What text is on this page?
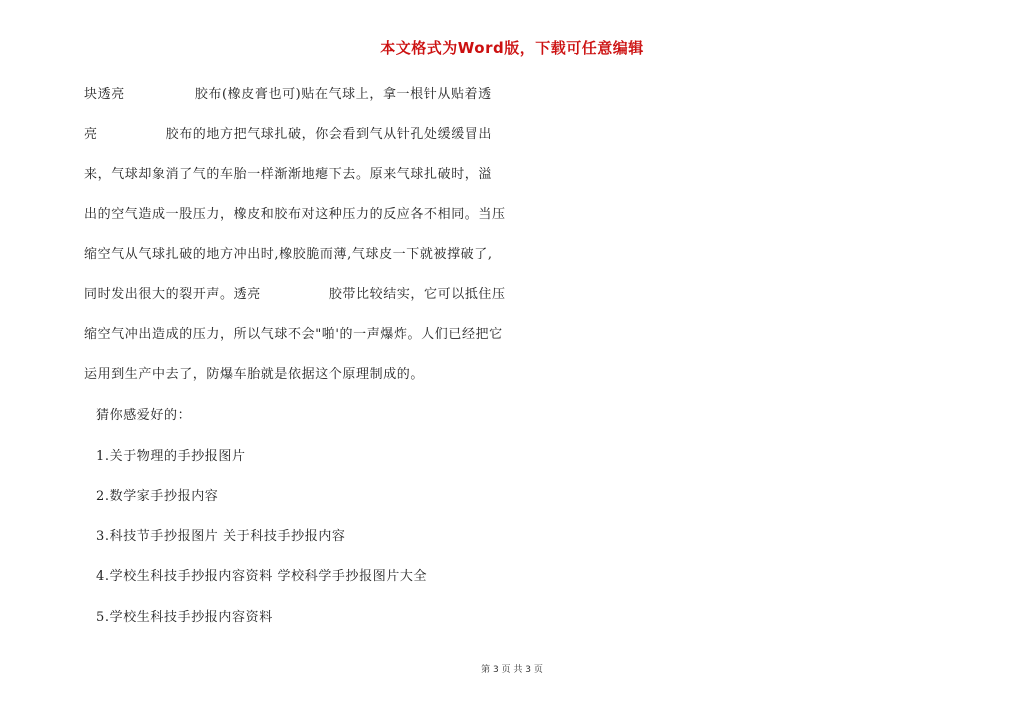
本文格式为Word版，下载可任意编辑
块透亮	胶布(橡皮膏也可)贴在气球上，拿一根针从贴着透
亮	胶布的地方把气球扎破，你会看到气从针孔处缓缓冒出
来，气球却象消了气的车胎一样渐渐地瘪下去。原来气球扎破时，溢
出的空气造成一股压力，橡皮和胶布对这种压力的反应各不相同。当压
缩空气从气球扎破的地方冲出时,橡胶脆而薄,气球皮一下就被撑破了,
同时发出很大的裂开声。透亮	胶带比较结实，它可以抵住压
缩空气冲出造成的压力，所以气球不会"啪'的一声爆炸。人们已经把它
运用到生产中去了，防爆车胎就是依据这个原理制成的。
猜你感爱好的：
1.关于物理的手抄报图片
2.数学家手抄报内容
3.科技节手抄报图片 关于科技手抄报内容
4.学校生科技手抄报内容资料 学校科学手抄报图片大全
5.学校生科技手抄报内容资料
第 3 页 共 3 页
